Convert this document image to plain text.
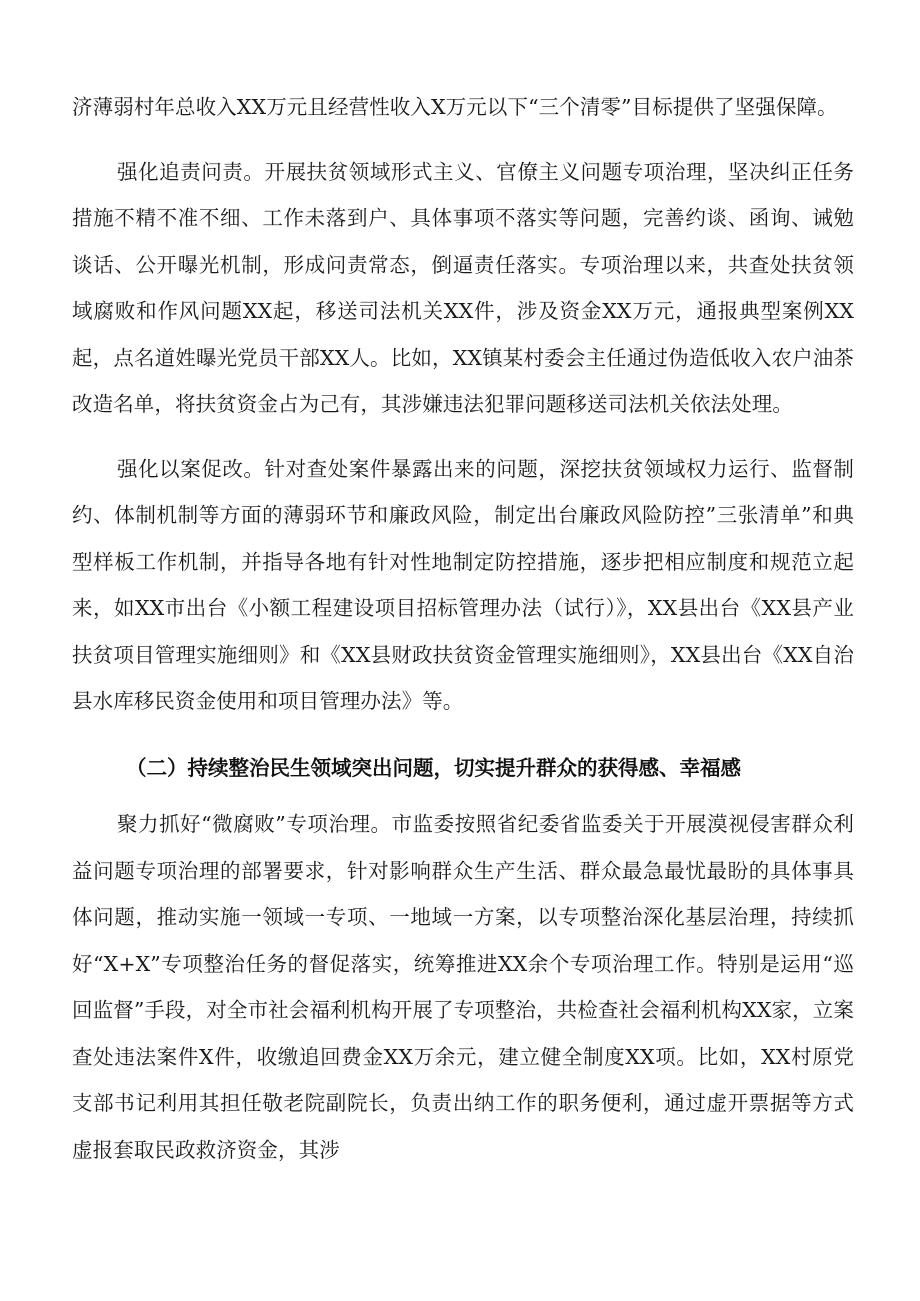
济薄弱村年总收入XX万元且经营性收入X万元以下“三个清零”目标提供了坚强保障。

强化追责问责。开展扶贫领域形式主义、官僚主义问题专项治理，坚决纠正任务措施不精不准不细、工作未落到户、具体事项不落实等问题，完善约谈、函询、诫勉谈话、公开曝光机制，形成问责常态，倒逼责任落实。专项治理以来，共查处扶贫领域腐败和作风问题XX起，移送司法机关XX件，涉及资金XX万元，通报典型案例XX起，点名道姓曝光党员干部XX人。比如，XX镇某村委会主任通过伪造低收入农户油茶改造名单，将扶贫资金占为己有，其涉嫌违法犯罪问题移送司法机关依法处理。

强化以案促改。针对查处案件暴露出来的问题，深挖扶贫领域权力运行、监督制约、体制机制等方面的薄弱环节和廉政风险，制定出台廉政风险防控”三张清单”和典型样板工作机制，并指导各地有针对性地制定防控措施，逐步把相应制度和规范立起来，如XX市出台《小额工程建设项目招标管理办法（试行）》，XX县出台《XX县产业扶贫项目管理实施细则》和《XX县财政扶贫资金管理实施细则》，XX县出台《XX自治县水库移民资金使用和项目管理办法》等。

（二）持续整治民生领域突出问题，切实提升群众的获得感、幸福感

聚力抓好“微腐败”专项治理。市监委按照省纪委省监委关于开展漠视侵害群众利益问题专项治理的部署要求，针对影响群众生产生活、群众最急最忧最盼的具体事具体问题，推动实施一领域一专项、一地域一方案，以专项整治深化基层治理，持续抓好“X+X”专项整治任务的督促落实，统筹推进XX余个专项治理工作。特别是运用“巡回监督”手段，对全市社会福利机构开展了专项整治，共检查社会福利机构XX家，立案查处违法案件X件，收缴追回费金XX万余元，建立健全制度XX项。比如，XX村原党支部书记利用其担任敬老院副院长，负责出纳工作的职务便利，通过虚开票据等方式虚报套取民政救济资金，其涉
